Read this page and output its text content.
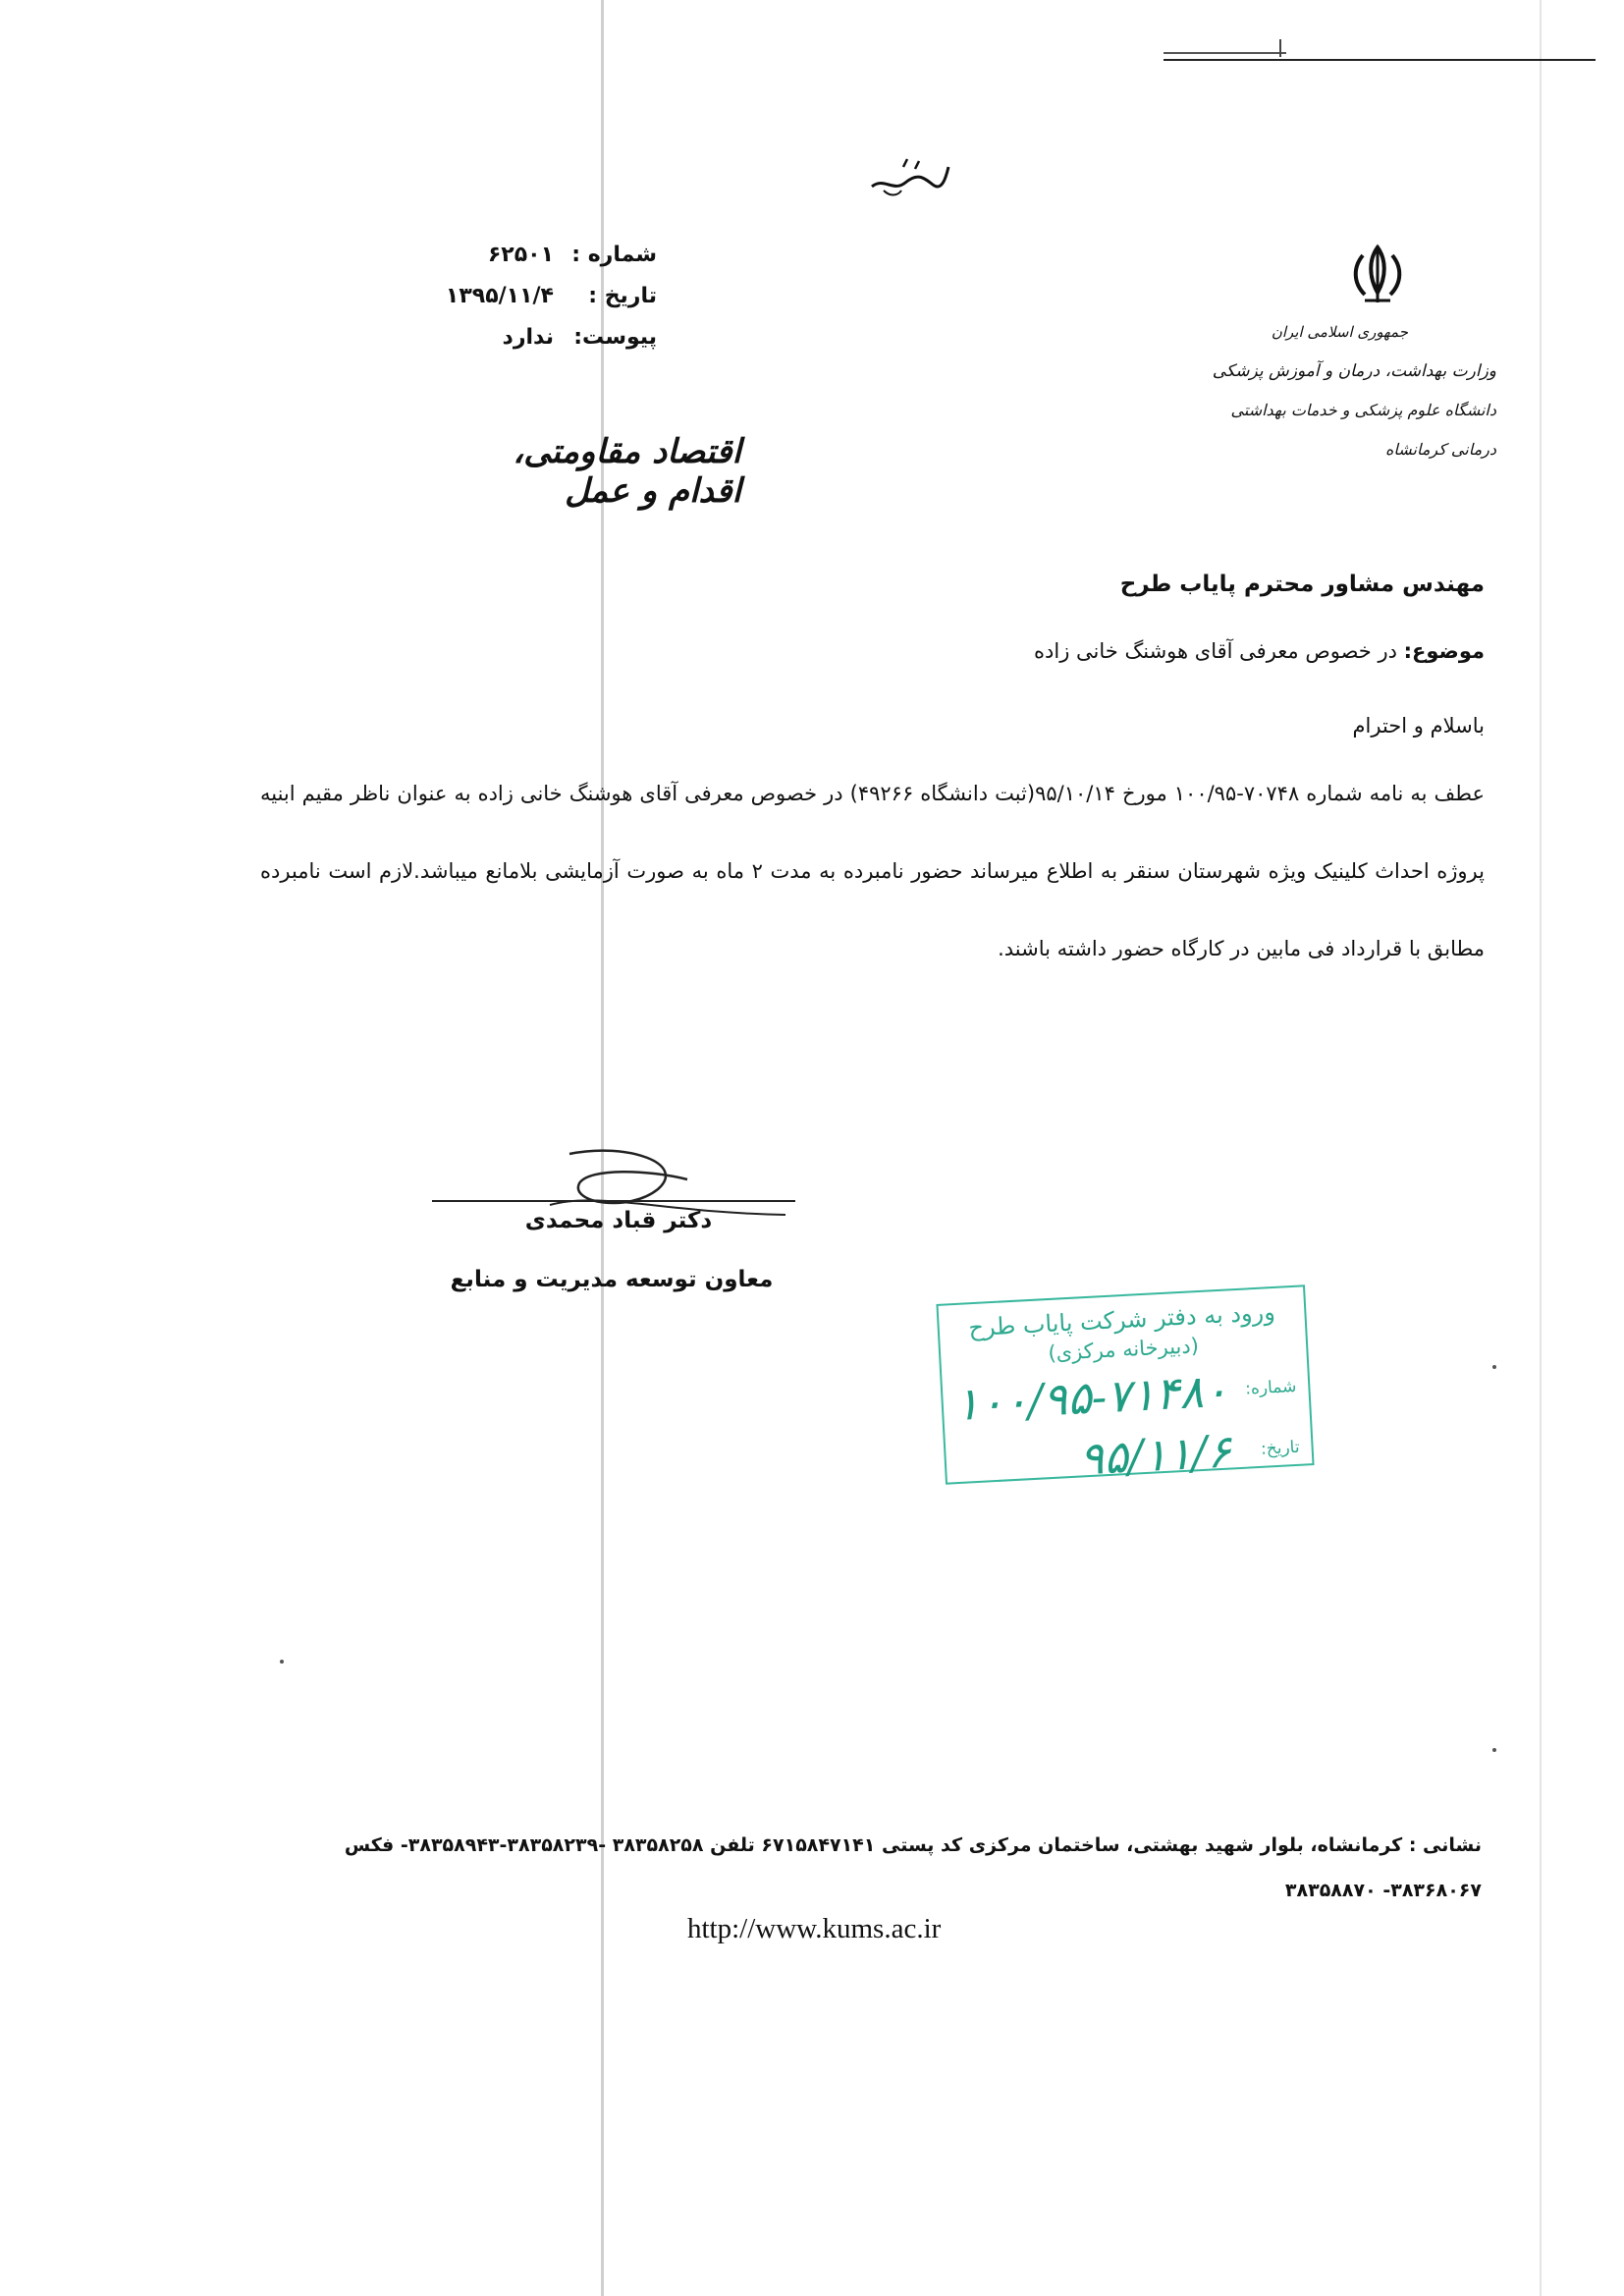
شماره :
۶۲۵۰۱
تاریخ :
۱۳۹۵/۱۱/۴
پیوست:
ندارد	جمهوری اسلامی ایران
وزارت بهداشت، درمان و آموزش پزشکی
دانشگاه علوم پزشکی و خدمات بهداشتی درمانی کرمانشاه
اقتصاد مقاومتی، اقدام و عمل
مهندس مشاور محترم پایاب طرح
موضوع: در خصوص معرفی آقای هوشنگ خانی زاده
باسلام و احترام
عطف به نامه شماره ۷۰۷۴۸-۱۰۰/۹۵ مورخ ۹۵/۱۰/۱۴(ثبت دانشگاه ۴۹۲۶۶) در خصوص معرفی آقای هوشنگ خانی زاده به عنوان ناظر مقیم ابنیه پروژه احداث کلینیک ویژه شهرستان سنقر به اطلاع میرساند حضور نامبرده به مدت ۲ ماه به صورت آزمایشی بلامانع میباشد.لازم است نامبرده مطابق با قرارداد فی مابین در کارگاه حضور داشته باشند.
دکتر قباد محمدی
معاون توسعه مدیریت و منابع
ورود به دفتر شرکت پایاب طرح
(دبیرخانه مرکزی)
شماره:
۱۰۰/۹۵-۷۱۴۸۰
تاریخ:
۹۵/۱۱/۶
نشانی : کرمانشاه، بلوار شهید بهشتی، ساختمان مرکزی کد پستی ۶۷۱۵۸۴۷۱۴۱ تلفن ۳۸۳۵۸۲۵۸ -۳۸۳۵۸۲۳۹-۳۸۳۵۸۹۴۳- فکس ۳۸۳۶۸۰۶۷- ۳۸۳۵۸۸۷۰
http://www.kums.ac.ir
